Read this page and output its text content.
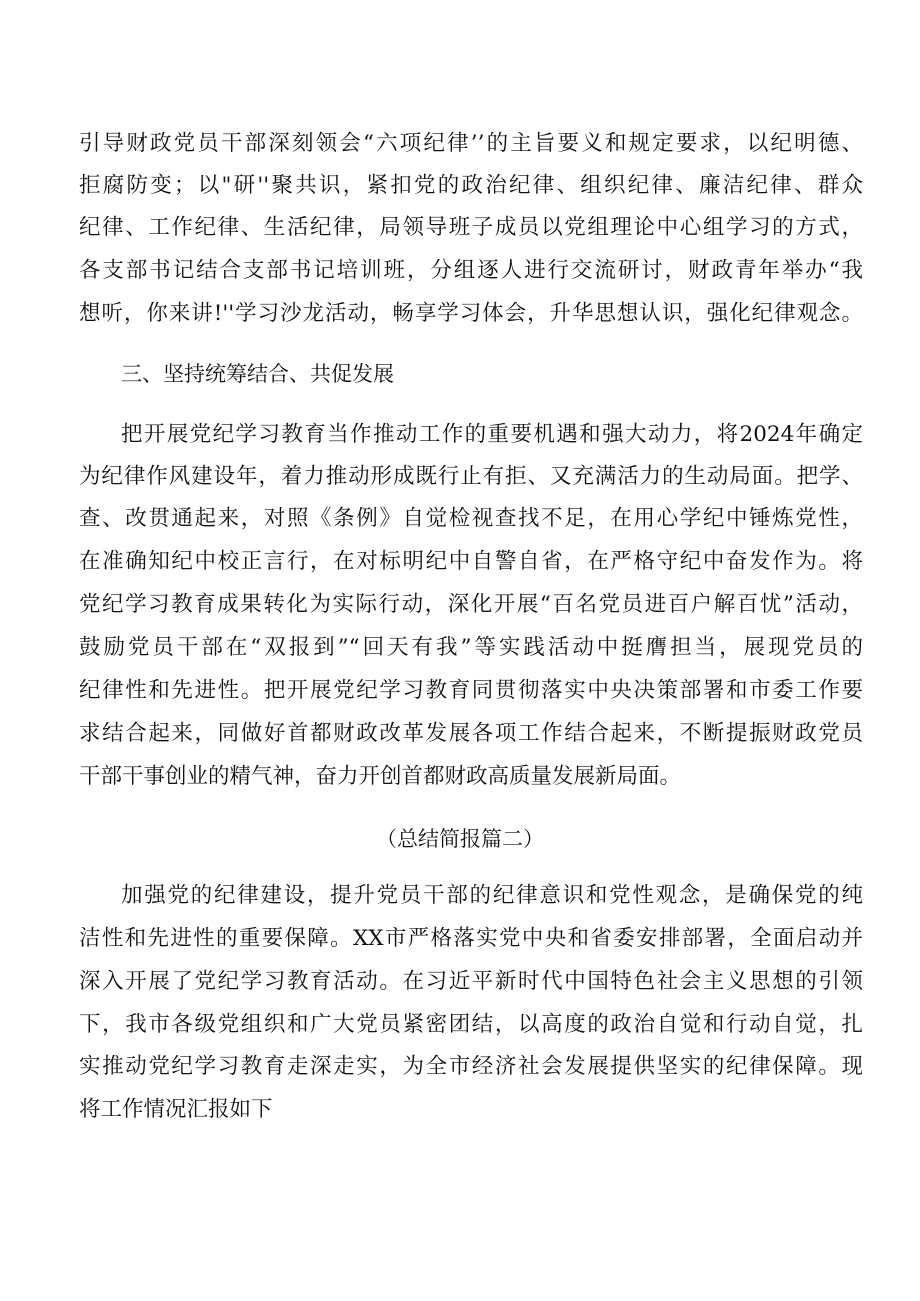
引导财政党员干部深刻领会“六项纪律’’的主旨要义和规定要求，以纪明德、
拒腐防变；以"研''聚共识，紧扣党的政治纪律、组织纪律、廉洁纪律、群众
纪律、工作纪律、生活纪律，局领导班子成员以党组理论中心组学习的方式，
各支部书记结合支部书记培训班，分组逐人进行交流研讨，财政青年举办“我
想听，你来讲!''学习沙龙活动，畅享学习体会，升华思想认识，强化纪律观念。
三、坚持统筹结合、共促发展
把开展党纪学习教育当作推动工作的重要机遇和强大动力，将2024年确定
为纪律作风建设年，着力推动形成既行止有拒、又充满活力的生动局面。把学、
查、改贯通起来，对照《条例》自觉检视查找不足，在用心学纪中锤炼党性，
在准确知纪中校正言行，在对标明纪中自警自省，在严格守纪中奋发作为。将
党纪学习教育成果转化为实际行动，深化开展“百名党员进百户解百忧”活动，
鼓励党员干部在“双报到”“回天有我”等实践活动中挺膺担当，展现党员的
纪律性和先进性。把开展党纪学习教育同贯彻落实中央决策部署和市委工作要
求结合起来，同做好首都财政改革发展各项工作结合起来，不断提振财政党员
干部干事创业的精气神，奋力开创首都财政高质量发展新局面。
（总结简报篇二）
加强党的纪律建设，提升党员干部的纪律意识和党性观念，是确保党的纯
洁性和先进性的重要保障。XX市严格落实党中央和省委安排部署，全面启动并
深入开展了党纪学习教育活动。在习近平新时代中国特色社会主义思想的引领
下，我市各级党组织和广大党员紧密团结，以高度的政治自觉和行动自觉，扎
实推动党纪学习教育走深走实，为全市经济社会发展提供坚实的纪律保障。现
将工作情况汇报如下
